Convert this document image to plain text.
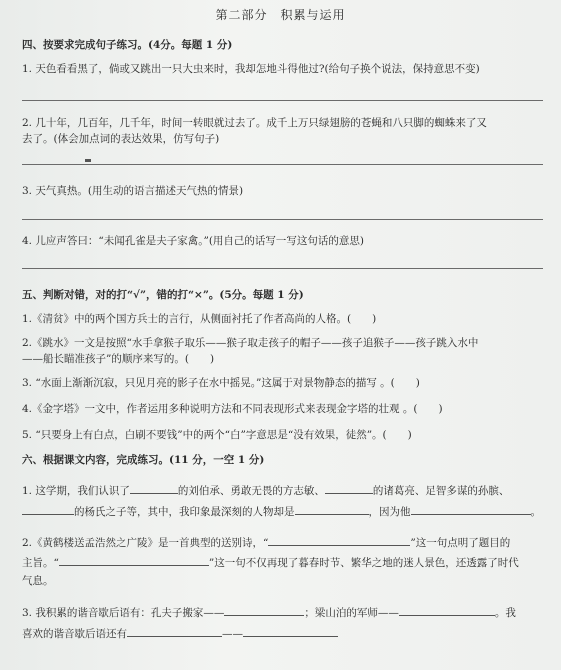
第二部分　积累与运用
四、按要求完成句子练习。(4分。每题 1 分)
1. 天色看看黑了，倘或又跳出一只大虫来时，我却怎地斗得他过?(给句子换个说法，保持意思不变)
2. 几十年，几百年，几千年，时间一转眼就过去了。成千上万只绿翅膀的苍蝇和八只脚的蜘蛛来了又
去了。(体会加点词的表达效果，仿写句子)
3. 天气真热。(用生动的语言描述天气热的情景)
4. 儿应声答曰：“未闻孔雀是夫子家禽。”(用自己的话写一写这句话的意思)
五、判断对错，对的打“√”，错的打“×”。(5分。每题 1 分)
1.《清贫》中的两个国方兵士的言行，从侧面衬托了作者高尚的人格。(　　)
2.《跳水》一文是按照“水手拿猴子取乐——猴子取走孩子的帽子——孩子追猴子——孩子跳入水中
——船长瞄准孩子”的顺序来写的。(　　)
3. “水面上渐渐沉寂，只见月亮的影子在水中摇晃。”这属于对景物静态的描写 。(　　)
4.《金字塔》一文中，作者运用多种说明方法和不同表现形式来表现金字塔的壮观 。(　　)
5. “只要身上有白点，白刷不要钱”中的两个“白”字意思是“没有效果，徒然”。(　　)
六、根据课文内容，完成练习。(11 分，一空 1 分)
1. 这学期，我们认识了	的刘伯承、勇敢无畏的方志敏、	的诸葛亮、足智多谋的孙膑、
的杨氏之子等，其中，我印象最深刻的人物却是	，因为他	。
2.《黄鹤楼送孟浩然之广陵》是一首典型的送别诗，“	”这一句点明了题目的
主旨。“	”这一句不仅再现了暮春时节、繁华之地的迷人景色，还透露了时代
气息。
3. 我积累的谐音歇后语有：孔夫子搬家——	；梁山泊的军师——	。我
喜欢的谐音歇后语还有	——
